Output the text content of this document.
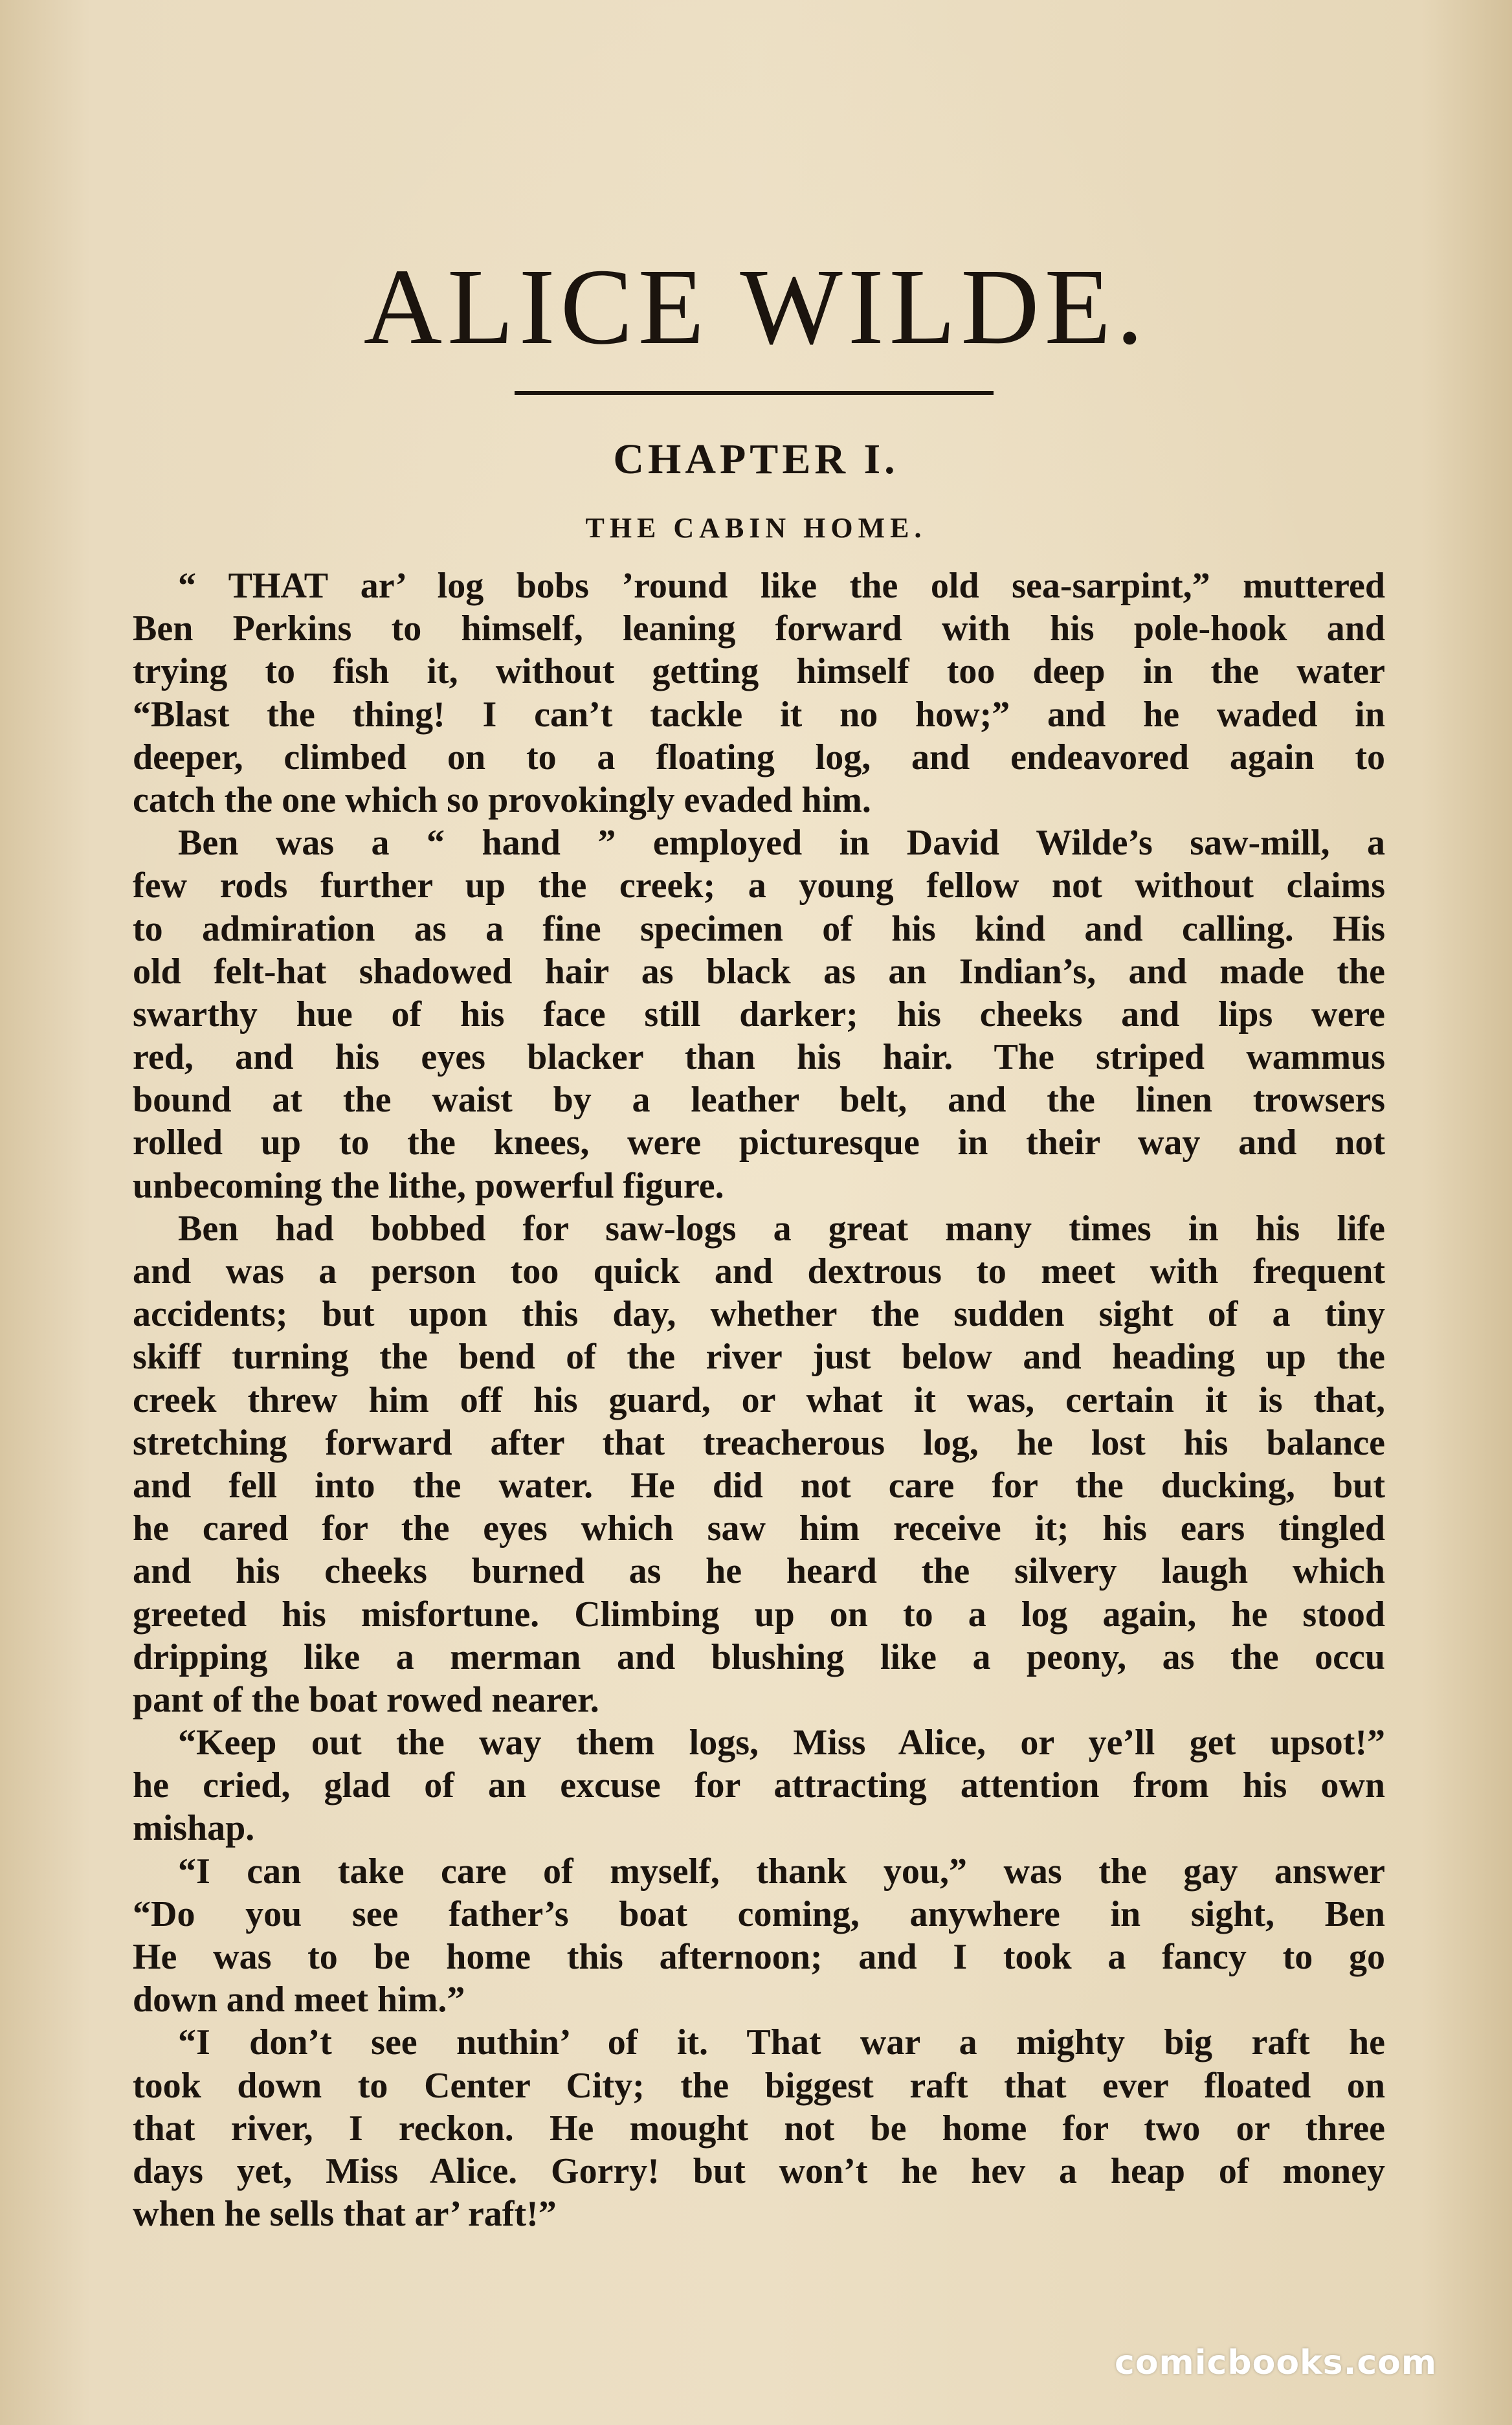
ALICE WILDE.
CHAPTER I.
THE CABIN HOME.
“ THAT ar’ log bobs ’round like the old sea-sarpint,” muttered
Ben Perkins to himself, leaning forward with his pole-hook and
trying to fish it, without getting himself too deep in the water
“Blast the thing! I can’t tackle it no how;” and he waded in
deeper, climbed on to a floating log, and endeavored again to
catch the one which so provokingly evaded him.
Ben was a “ hand ” employed in David Wilde’s saw-mill, a
few rods further up the creek; a young fellow not without claims
to admiration as a fine specimen of his kind and calling. His
old felt-hat shadowed hair as black as an Indian’s, and made the
swarthy hue of his face still darker; his cheeks and lips were
red, and his eyes blacker than his hair. The striped wammus
bound at the waist by a leather belt, and the linen trowsers
rolled up to the knees, were picturesque in their way and not
unbecoming the lithe, powerful figure.
Ben had bobbed for saw-logs a great many times in his life
and was a person too quick and dextrous to meet with frequent
accidents; but upon this day, whether the sudden sight of a tiny
skiff turning the bend of the river just below and heading up the
creek threw him off his guard, or what it was, certain it is that,
stretching forward after that treacherous log, he lost his balance
and fell into the water. He did not care for the ducking, but
he cared for the eyes which saw him receive it; his ears tingled
and his cheeks burned as he heard the silvery laugh which
greeted his misfortune. Climbing up on to a log again, he stood
dripping like a merman and blushing like a peony, as the occu
pant of the boat rowed nearer.
“Keep out the way them logs, Miss Alice, or ye’ll get upsot!”
he cried, glad of an excuse for attracting attention from his own
mishap.
“I can take care of myself, thank you,” was the gay answer
“Do you see father’s boat coming, anywhere in sight, Ben
He was to be home this afternoon; and I took a fancy to go
down and meet him.”
“I don’t see nuthin’ of it. That war a mighty big raft he
took down to Center City; the biggest raft that ever floated on
that river, I reckon. He mought not be home for two or three
days yet, Miss Alice. Gorry! but won’t he hev a heap of money
when he sells that ar’ raft!”
comicbooks.com
